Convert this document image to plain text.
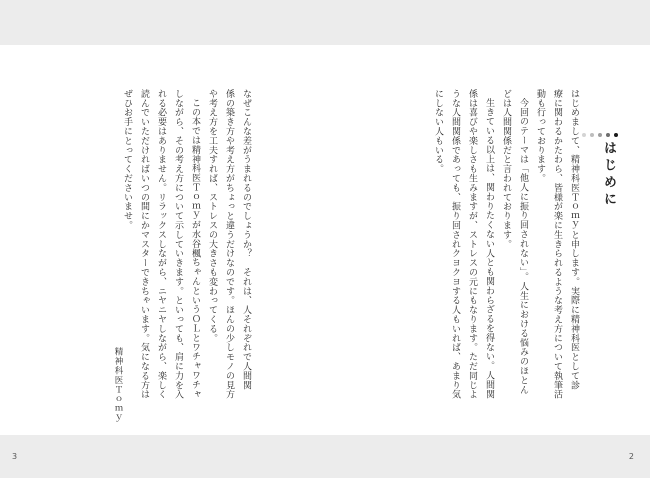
はじめに

はじめまして、精神科医Ｔｏｍｙと申します。実際に精神科医として診

療に関わるかたわら、皆様が楽に生きられるような考え方について執筆活

動も行っております。

今回のテーマは「他人に振り回されない」。人生における悩みのほとん

どは人間関係だと言われております。

生きている以上は、関わりたくない人とも関わらざるを得ない。人間関

係は喜びや楽しさも生みますが、ストレスの元にもなります。ただ同じよ

うな人間関係であっても、振り回されクヨクヨする人もいれば、あまり気

にしない人もいる。

なぜこんな差がうまれるのでしょうか？　それは、人それぞれで人間関

係の築き方や考え方がちょっと違うだけなのです。ほんの少しモノの見方

や考え方を工夫すれば、ストレスの大きさも変わってくる。

この本では精神科医Ｔｏｍｙが水谷楓ちゃんというＯＬとワチャワチャ

しながら、その考え方について示していきます。といっても、肩に力を入

れる必要はありません。リラックスしながら、ニヤニヤしながら、楽しく

読んでいただければいつの間にかマスターできちゃいます。気になる方は

ぜひお手にとってくださいませ。

精神科医Ｔｏｍｙ
3	2
